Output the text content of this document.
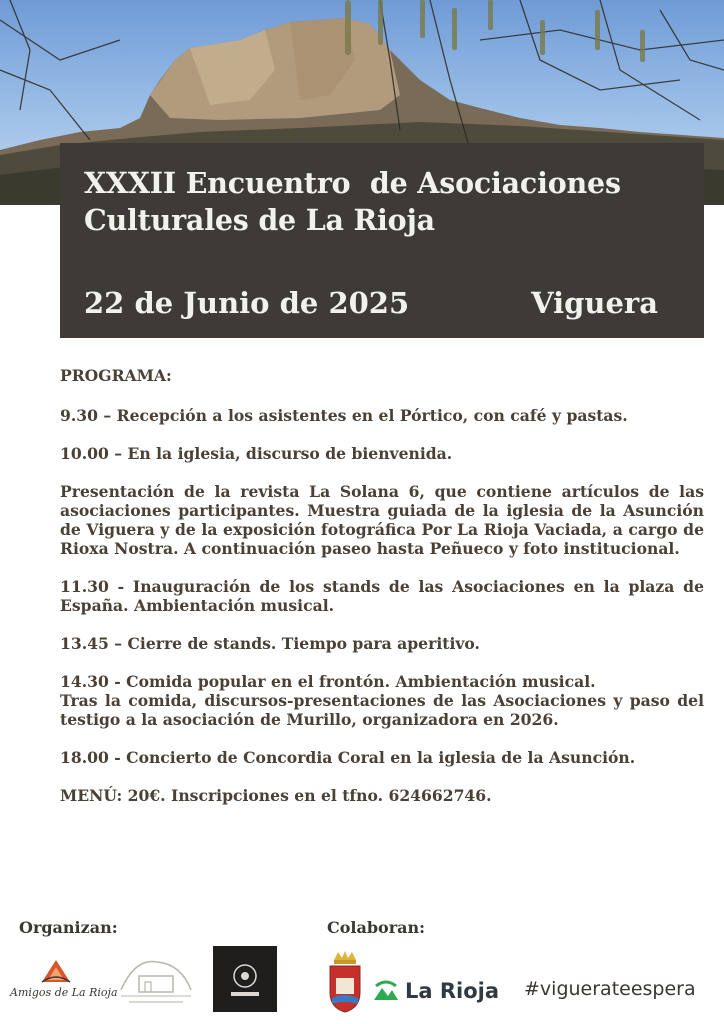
XXXII Encuentro  de Asociaciones
Culturales de La Rioja
22 de Junio de 2025	Viguera

PROGRAMA:

9.30 – Recepción a los asistentes en el Pórtico, con café y pastas.

10.00 – En la iglesia, discurso de bienvenida.

Presentación de la revista La Solana 6, que contiene artículos de las asociaciones participantes. Muestra guiada de la iglesia de la Asunción de Viguera y de la exposición fotográfica Por La Rioja Vaciada, a cargo de Rioxa Nostra. A continuación paseo hasta Peñueco y foto institucional.

11.30 - Inauguración de los stands de las Asociaciones en la plaza de España. Ambientación musical.

13.45 – Cierre de stands. Tiempo para aperitivo.

14.30 - Comida popular en el frontón. Ambientación musical.

Tras la comida, discursos-presentaciones de las Asociaciones y paso del testigo a la asociación de Murillo, organizadora en 2026.

18.00 - Concierto de Concordia Coral en la iglesia de la Asunción.

MENÚ: 20€. Inscripciones en el tfno. 624662746.

Organizan:	Colaboran:
Amigos de La Rioja	La Rioja #viguerateespera
